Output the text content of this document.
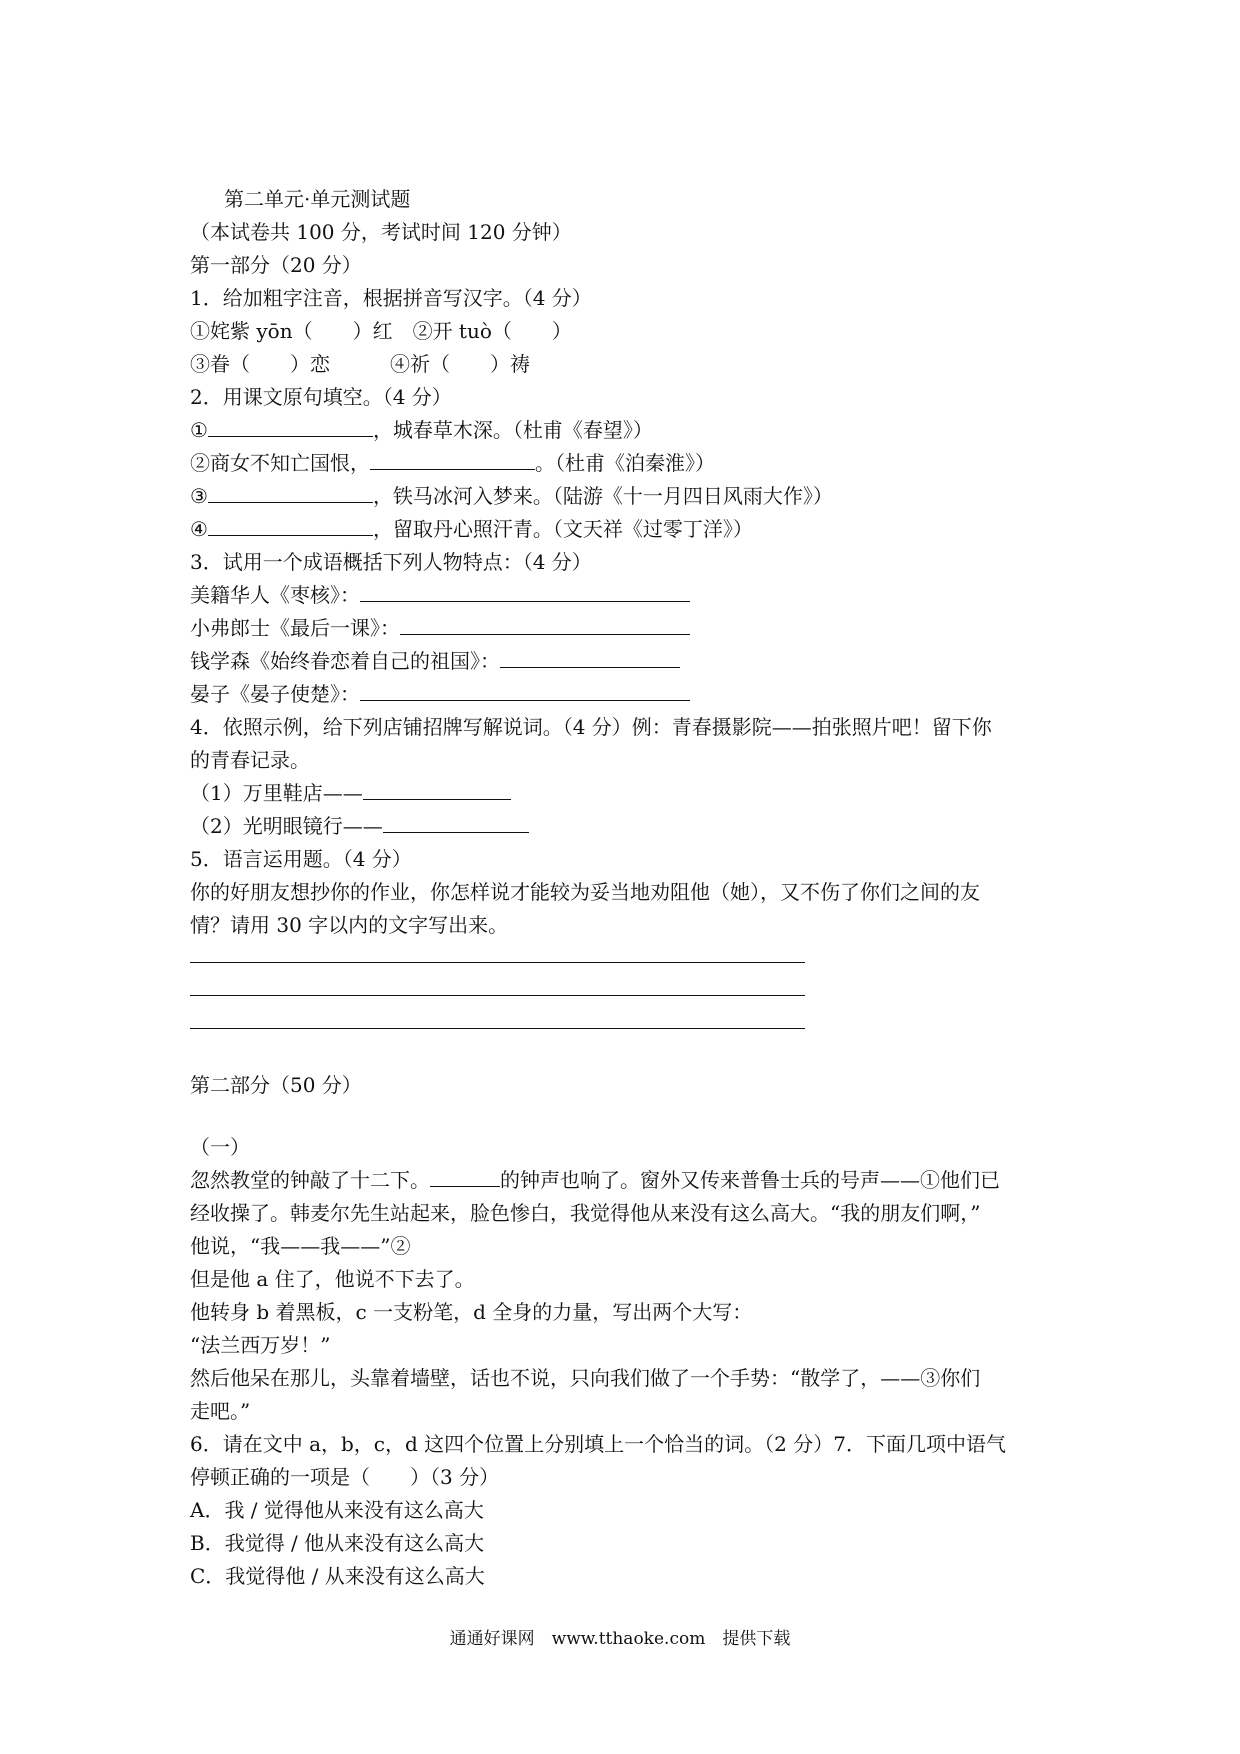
第二单元·单元测试题
（本试卷共 100 分，考试时间 120 分钟）
第一部分（20 分）
1．给加粗字注音，根据拼音写汉字。（4 分）
①姹紫 yōn（　　）红　②开 tuò（　　）
③眷（　　）恋　　　④祈（　　）祷
2．用课文原句填空。（4 分）
①	，城春草木深。（杜甫《春望》）
②商女不知亡国恨，	。（杜甫《泊秦淮》）
③	，铁马冰河入梦来。（陆游《十一月四日风雨大作》）
④	，留取丹心照汗青。（文天祥《过零丁洋》）
3．试用一个成语概括下列人物特点：（4 分）
美籍华人《枣核》：
小弗郎士《最后一课》：
钱学森《始终眷恋着自己的祖国》：
晏子《晏子使楚》：
4．依照示例，给下列店铺招牌写解说词。（4 分）例：青春摄影院——拍张照片吧！留下你
的青春记录。
（1）万里鞋店——
（2）光明眼镜行——
5．语言运用题。（4 分）
你的好朋友想抄你的作业，你怎样说才能较为妥当地劝阻他（她），又不伤了你们之间的友
情？请用 30 字以内的文字写出来。
第二部分（50 分）
（一）
忽然教堂的钟敲了十二下。	的钟声也响了。窗外又传来普鲁士兵的号声——①他们已
经收操了。韩麦尔先生站起来，脸色惨白，我觉得他从来没有这么高大。“我的朋友们啊，”
他说，“我——我——”②
但是他 a 住了，他说不下去了。
他转身 b 着黑板，c 一支粉笔，d 全身的力量，写出两个大写：
“法兰西万岁！”
然后他呆在那儿，头靠着墙壁，话也不说，只向我们做了一个手势：“散学了，——③你们
走吧。”
6．请在文中 a，b，c，d 这四个位置上分别填上一个恰当的词。（2 分）7．下面几项中语气
停顿正确的一项是（　　）（3 分）
A．我 / 觉得他从来没有这么高大
B．我觉得 / 他从来没有这么高大
C．我觉得他 / 从来没有这么高大
通通好课网　www.tthaoke.com　提供下载
